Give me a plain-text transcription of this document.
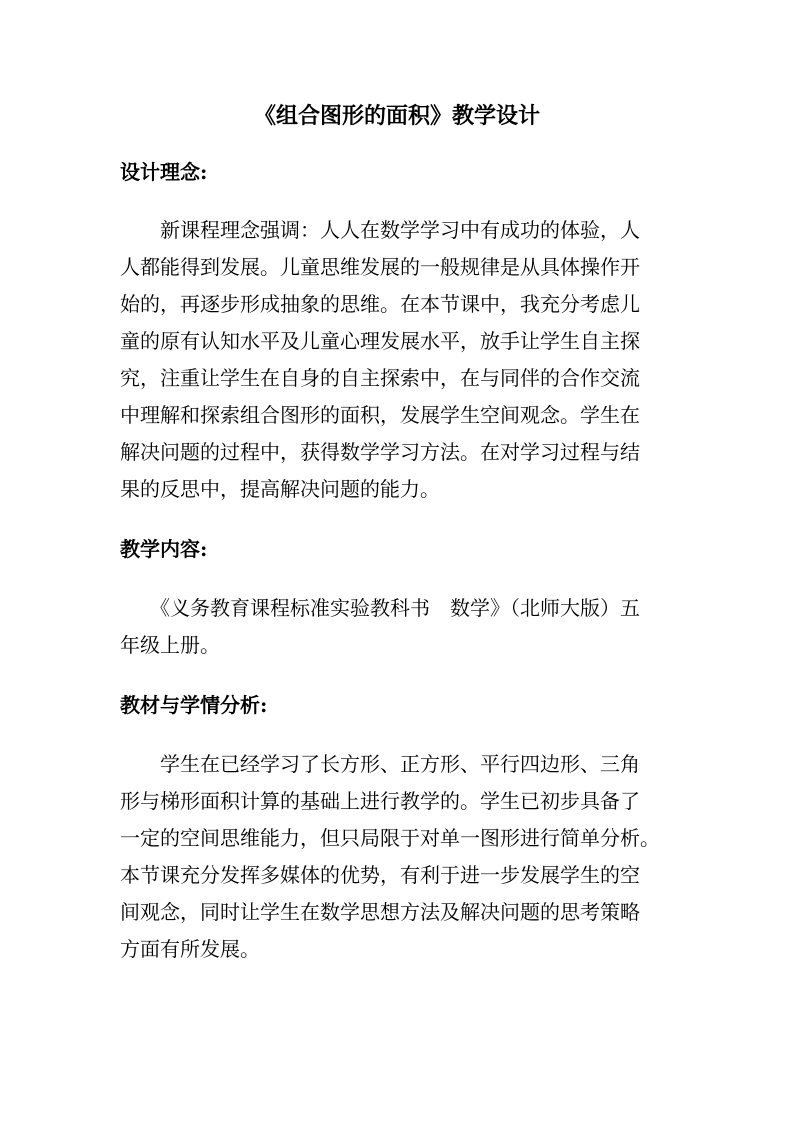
《组合图形的面积》教学设计
设计理念:
新课程理念强调：人人在数学学习中有成功的体验，人
人都能得到发展。儿童思维发展的一般规律是从具体操作开
始的，再逐步形成抽象的思维。在本节课中，我充分考虑儿
童的原有认知水平及儿童心理发展水平，放手让学生自主探
究，注重让学生在自身的自主探索中，在与同伴的合作交流
中理解和探索组合图形的面积，发展学生空间观念。学生在
解决问题的过程中，获得数学学习方法。在对学习过程与结
果的反思中，提高解决问题的能力。
教学内容:
《义务教育课程标准实验教科书　数学》（北师大版）五
年级上册。
教材与学情分析:
学生在已经学习了长方形、正方形、平行四边形、三角
形与梯形面积计算的基础上进行教学的。学生已初步具备了
一定的空间思维能力，但只局限于对单一图形进行简单分析。
本节课充分发挥多媒体的优势，有利于进一步发展学生的空
间观念，同时让学生在数学思想方法及解决问题的思考策略
方面有所发展。
